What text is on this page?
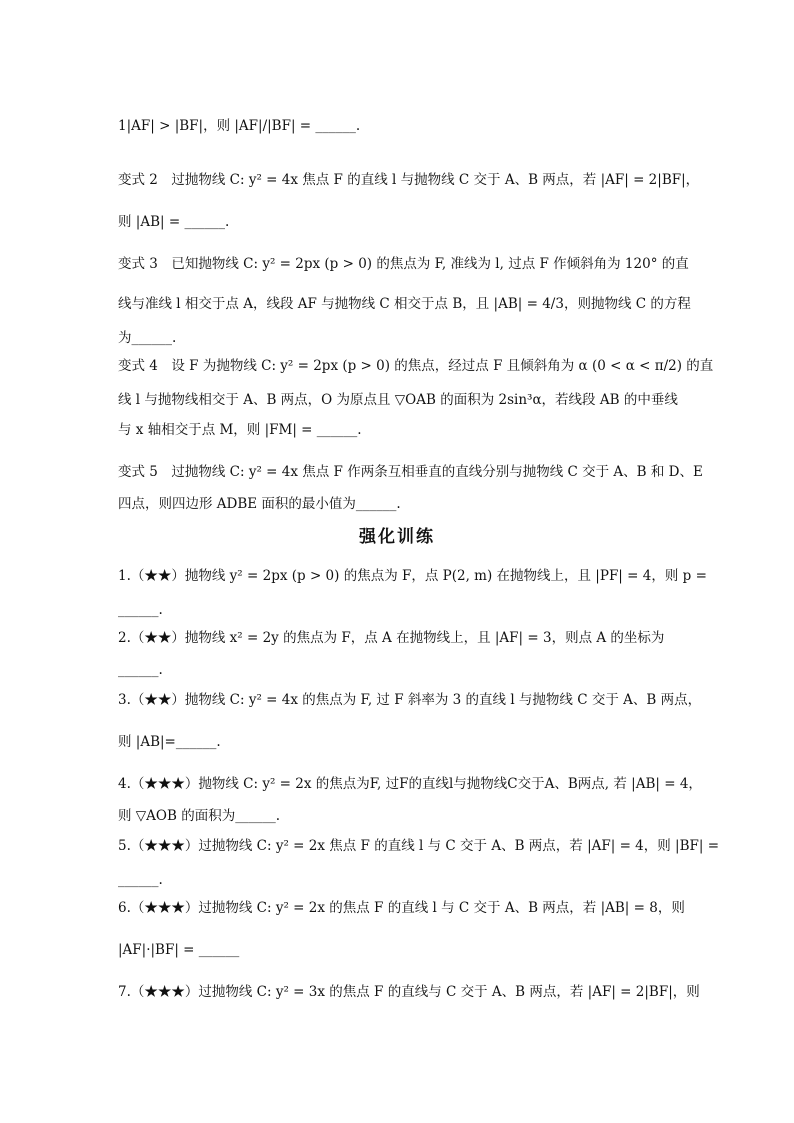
1|AF| > |BF|，则 |AF|/|BF| = ______.
变式 2　过抛物线 C: y² = 4x 焦点 F 的直线 l 与抛物线 C 交于 A、B 两点，若 |AF| = 2|BF|，
则 |AB| = ______.
变式 3　已知抛物线 C: y² = 2px (p > 0) 的焦点为 F, 准线为 l, 过点 F 作倾斜角为 120° 的直
线与准线 l 相交于点 A，线段 AF 与抛物线 C 相交于点 B，且 |AB| = 4/3，则抛物线 C 的方程
为______.
变式 4　设 F 为抛物线 C: y² = 2px (p > 0) 的焦点，经过点 F 且倾斜角为 α (0 < α < π/2) 的直
线 l 与抛物线相交于 A、B 两点，O 为原点且 ▽OAB 的面积为 2sin³α，若线段 AB 的中垂线
与 x 轴相交于点 M，则 |FM| = ______.
变式 5　过抛物线 C: y² = 4x 焦点 F 作两条互相垂直的直线分别与抛物线 C 交于 A、B 和 D、E
四点，则四边形 ADBE 面积的最小值为______.
强化训练
1.（★★）抛物线 y² = 2px (p > 0) 的焦点为 F，点 P(2, m) 在抛物线上，且 |PF| = 4，则 p =
______.
2.（★★）抛物线 x² = 2y 的焦点为 F，点 A 在抛物线上，且 |AF| = 3，则点 A 的坐标为
______.
3.（★★）抛物线 C: y² = 4x 的焦点为 F, 过 F 斜率为 3 的直线 l 与抛物线 C 交于 A、B 两点，
则 |AB|=______.
4.（★★★）抛物线 C: y² = 2x 的焦点为F, 过F的直线l与抛物线C交于A、B两点, 若 |AB| = 4，
则 ▽AOB 的面积为______.
5.（★★★）过抛物线 C: y² = 2x 焦点 F 的直线 l 与 C 交于 A、B 两点，若 |AF| = 4，则 |BF| =
______.
6.（★★★）过抛物线 C: y² = 2x 的焦点 F 的直线 l 与 C 交于 A、B 两点，若 |AB| = 8，则
|AF|·|BF| = ______
7.（★★★）过抛物线 C: y² = 3x 的焦点 F 的直线与 C 交于 A、B 两点，若 |AF| = 2|BF|，则
